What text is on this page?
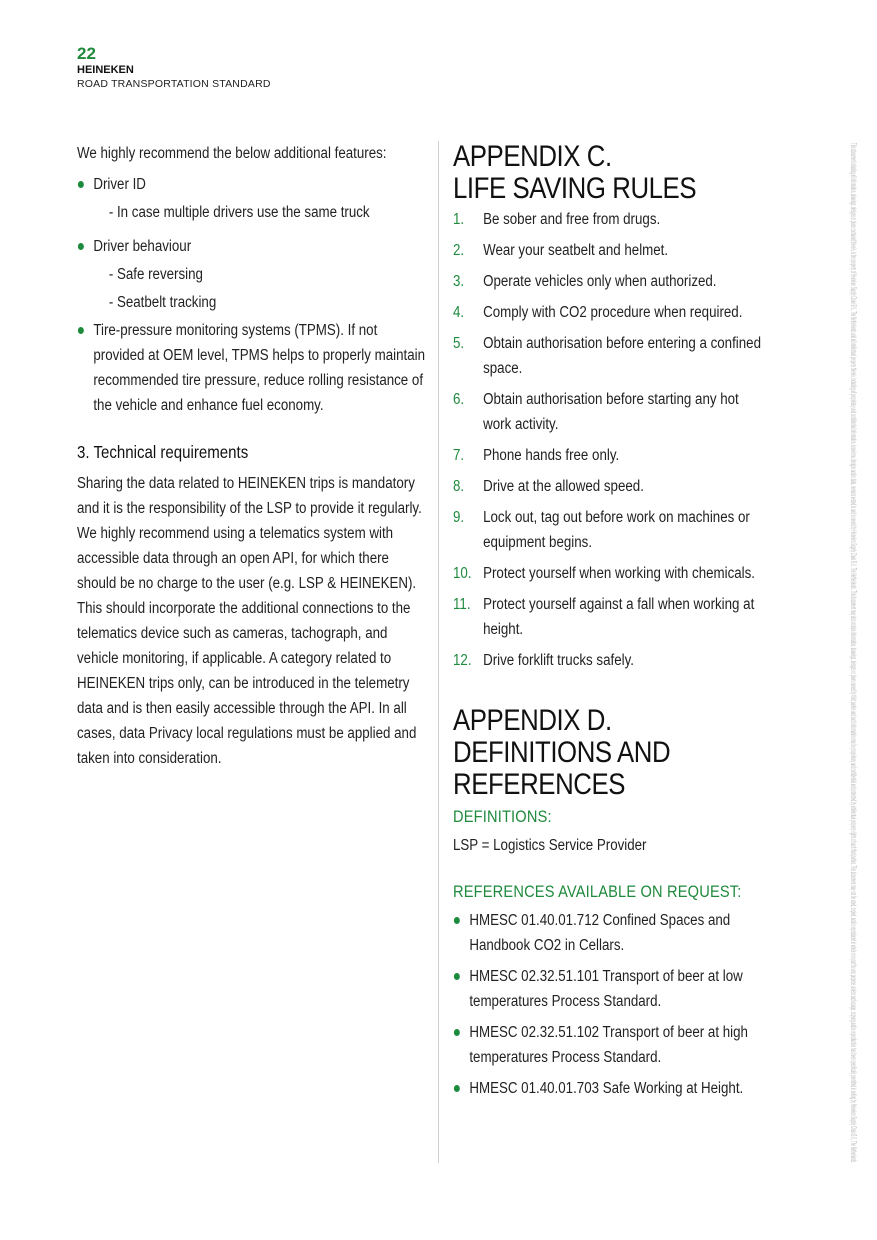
22
HEINEKEN
ROAD TRANSPORTATION STANDARD

We highly recommend the below additional features:

Driver ID
- In case multiple drivers use the same truck
Driver behaviour
- Safe reversing
- Seatbelt tracking
Tire-pressure monitoring systems (TPMS). If not provided at OEM level, TPMS helps to properly maintain recommended tire pressure, reduce rolling resistance of the vehicle and enhance fuel economy.
3. Technical requirements

Sharing the data related to HEINEKEN trips is mandatory and it is the responsibility of the LSP to provide it regularly. We highly recommend using a telematics system with accessible data through an open API, for which there should be no charge to the user (e.g. LSP & HEINEKEN). This should incorporate the additional connections to the telematics device such as cameras, tachograph, and vehicle monitoring, if applicable. A category related to HEINEKEN trips only, can be introduced in the telemetry data and is then easily accessible through the API. In all cases, data Privacy local regulations must be applied and taken into consideration.

APPENDIX C.
LIFE SAVING RULES
1. Be sober and free from drugs.
2. Wear your seatbelt and helmet.
3. Operate vehicles only when authorized.
4. Comply with CO2 procedure when required.
5. Obtain authorisation before entering a confined space.
6. Obtain authorisation before starting any hot work activity.
7. Phone hands free only.
8. Drive at the allowed speed.
9. Lock out, tag out before work on machines or equipment begins.
10. Protect yourself when working with chemicals.
11. Protect yourself against a fall when working at height.
12. Drive forklift trucks safely.
APPENDIX D.
DEFINITIONS AND REFERENCES

DEFINITIONS:

LSP = Logistics Service Provider

REFERENCES AVAILABLE ON REQUEST:

HMESC 01.40.01.712 Confined Spaces and Handbook CO2 in Cellars.
HMESC 02.32.51.101 Transport of beer at low temperatures Process Standard.
HMESC 02.32.51.102 Transport of beer at high temperatures Process Standard.
HMESC 01.40.01.703 Safe Working at Height.	This document including all information, drawings, designs or plans contained therein, is the property of Heineken Supply Chain B.V., The Netherlands and all intellectual property therein, including all proprietary and confidential information, know-how, designs and/or data, remains vested in and is owned by Heineken Supply Chain B.V., The Netherlands. This document may also contain information, drawings, designs or plans owned by third parties and such information may be proprietary and confidential and protected by intellectual property rights of such third parties. This document may not be used, copied, and/or reproduced in whole or in part for any purpose, unless such usage, copying and/or reproduction has been specifically permitted in writing by Heineken Supply Chain B.V., The Netherlands.
